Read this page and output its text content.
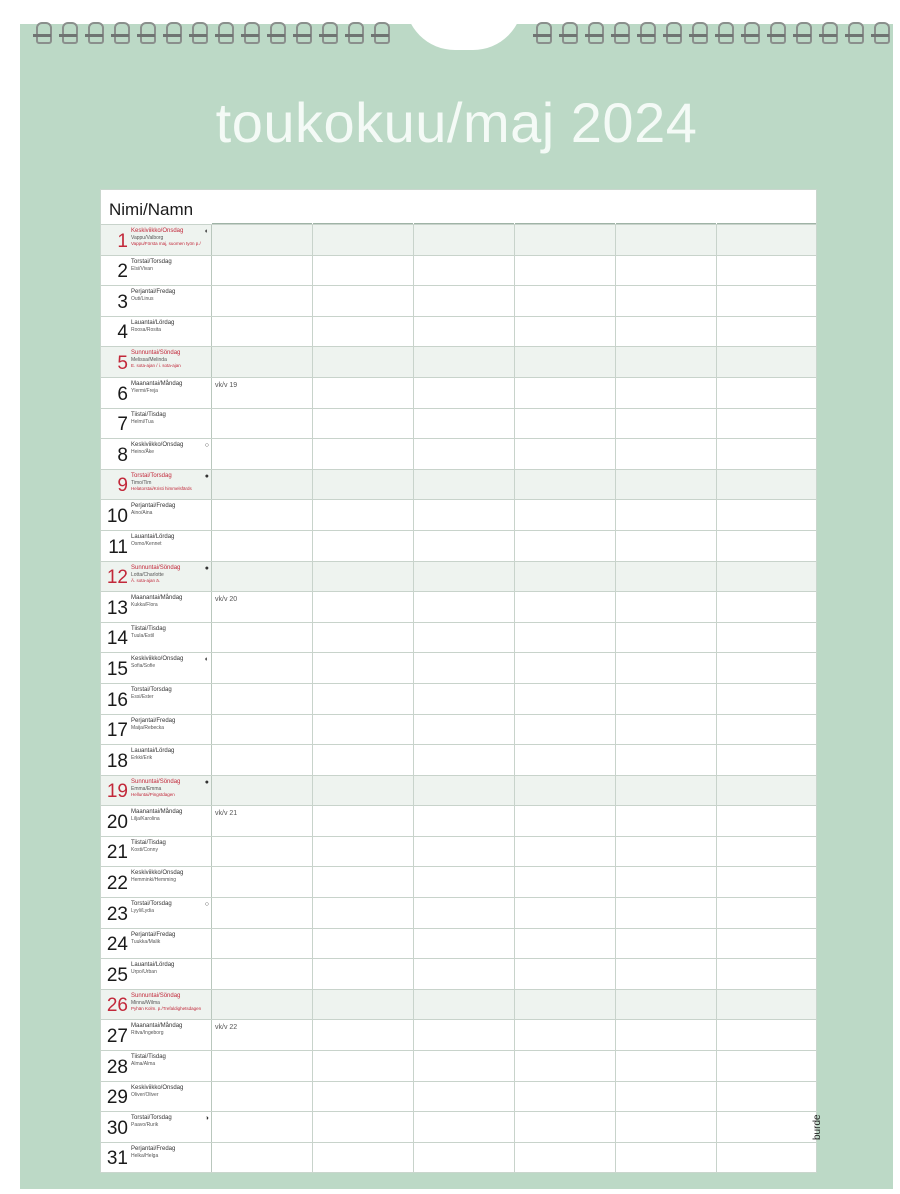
toukokuu/maj 2024
Nimi/Namn
1 Keskiviikko/Onsdag
Vappu/Valborg
Vappu/Första maj, suomen työn p./
◐
2 Torstai/Torsdag
Elsi/Vivan
3 Perjantai/Fredag
Outi/Linus
4 Lauantai/Lördag
Roosa/Rosita
5 Sunnuntai/Söndag
Melissa/Melinda
E. sota-ajan / i. sota-ajan
6 Maanantai/Måndag
Ylermi/Freja
vk/v 19
7 Tiistai/Tisdag
Helmi/Tua
8 Keskiviikko/Onsdag
Heino/Åke
○
9 Torstai/Torsdag
Timo/Tim
Helatorstai/Kristi himmelsfärds
●
10 Perjantai/Fredag
Aino/Aina
11 Lauantai/Lördag
Osmo/Kennet
12 Sunnuntai/Söndag
Lotta/Charlotte
Ä. sota-ajan ä.
●
13 Maanantai/Måndag
Kukka/Flora
vk/v 20
14 Tiistai/Tisdag
Tuula/Estil
15 Keskiviikko/Onsdag
Sofia/Sofie
◐
16 Torstai/Torsdag
Essi/Ester
17 Perjantai/Fredag
Maija/Rebecka
18 Lauantai/Lördag
Erkki/Erik
19 Sunnuntai/Söndag
Emma/Emma
Helluntai/Pingstdagen
●
20 Maanantai/Måndag
Lilja/Karolina
vk/v 21
21 Tiistai/Tisdag
Kosti/Conny
22 Keskiviikko/Onsdag
Hemminki/Hemming
23 Torstai/Torsdag
Lyyli/Lydia
○
24 Perjantai/Fredag
Tuukka/Malik
25 Lauantai/Lördag
Urpo/Urban
26 Sunnuntai/Söndag
Minna/Wilma
Pyhän Kolm. p./Trefaldighetsdagen
27 Maanantai/Måndag
Ritva/Ingeborg
vk/v 22
28 Tiistai/Tisdag
Alma/Alma
29 Keskiviikko/Onsdag
Oliver/Oliver
30 Torstai/Torsdag
Paavo/Rurik
◑
31 Perjantai/Fredag
Helka/Helga
burde
